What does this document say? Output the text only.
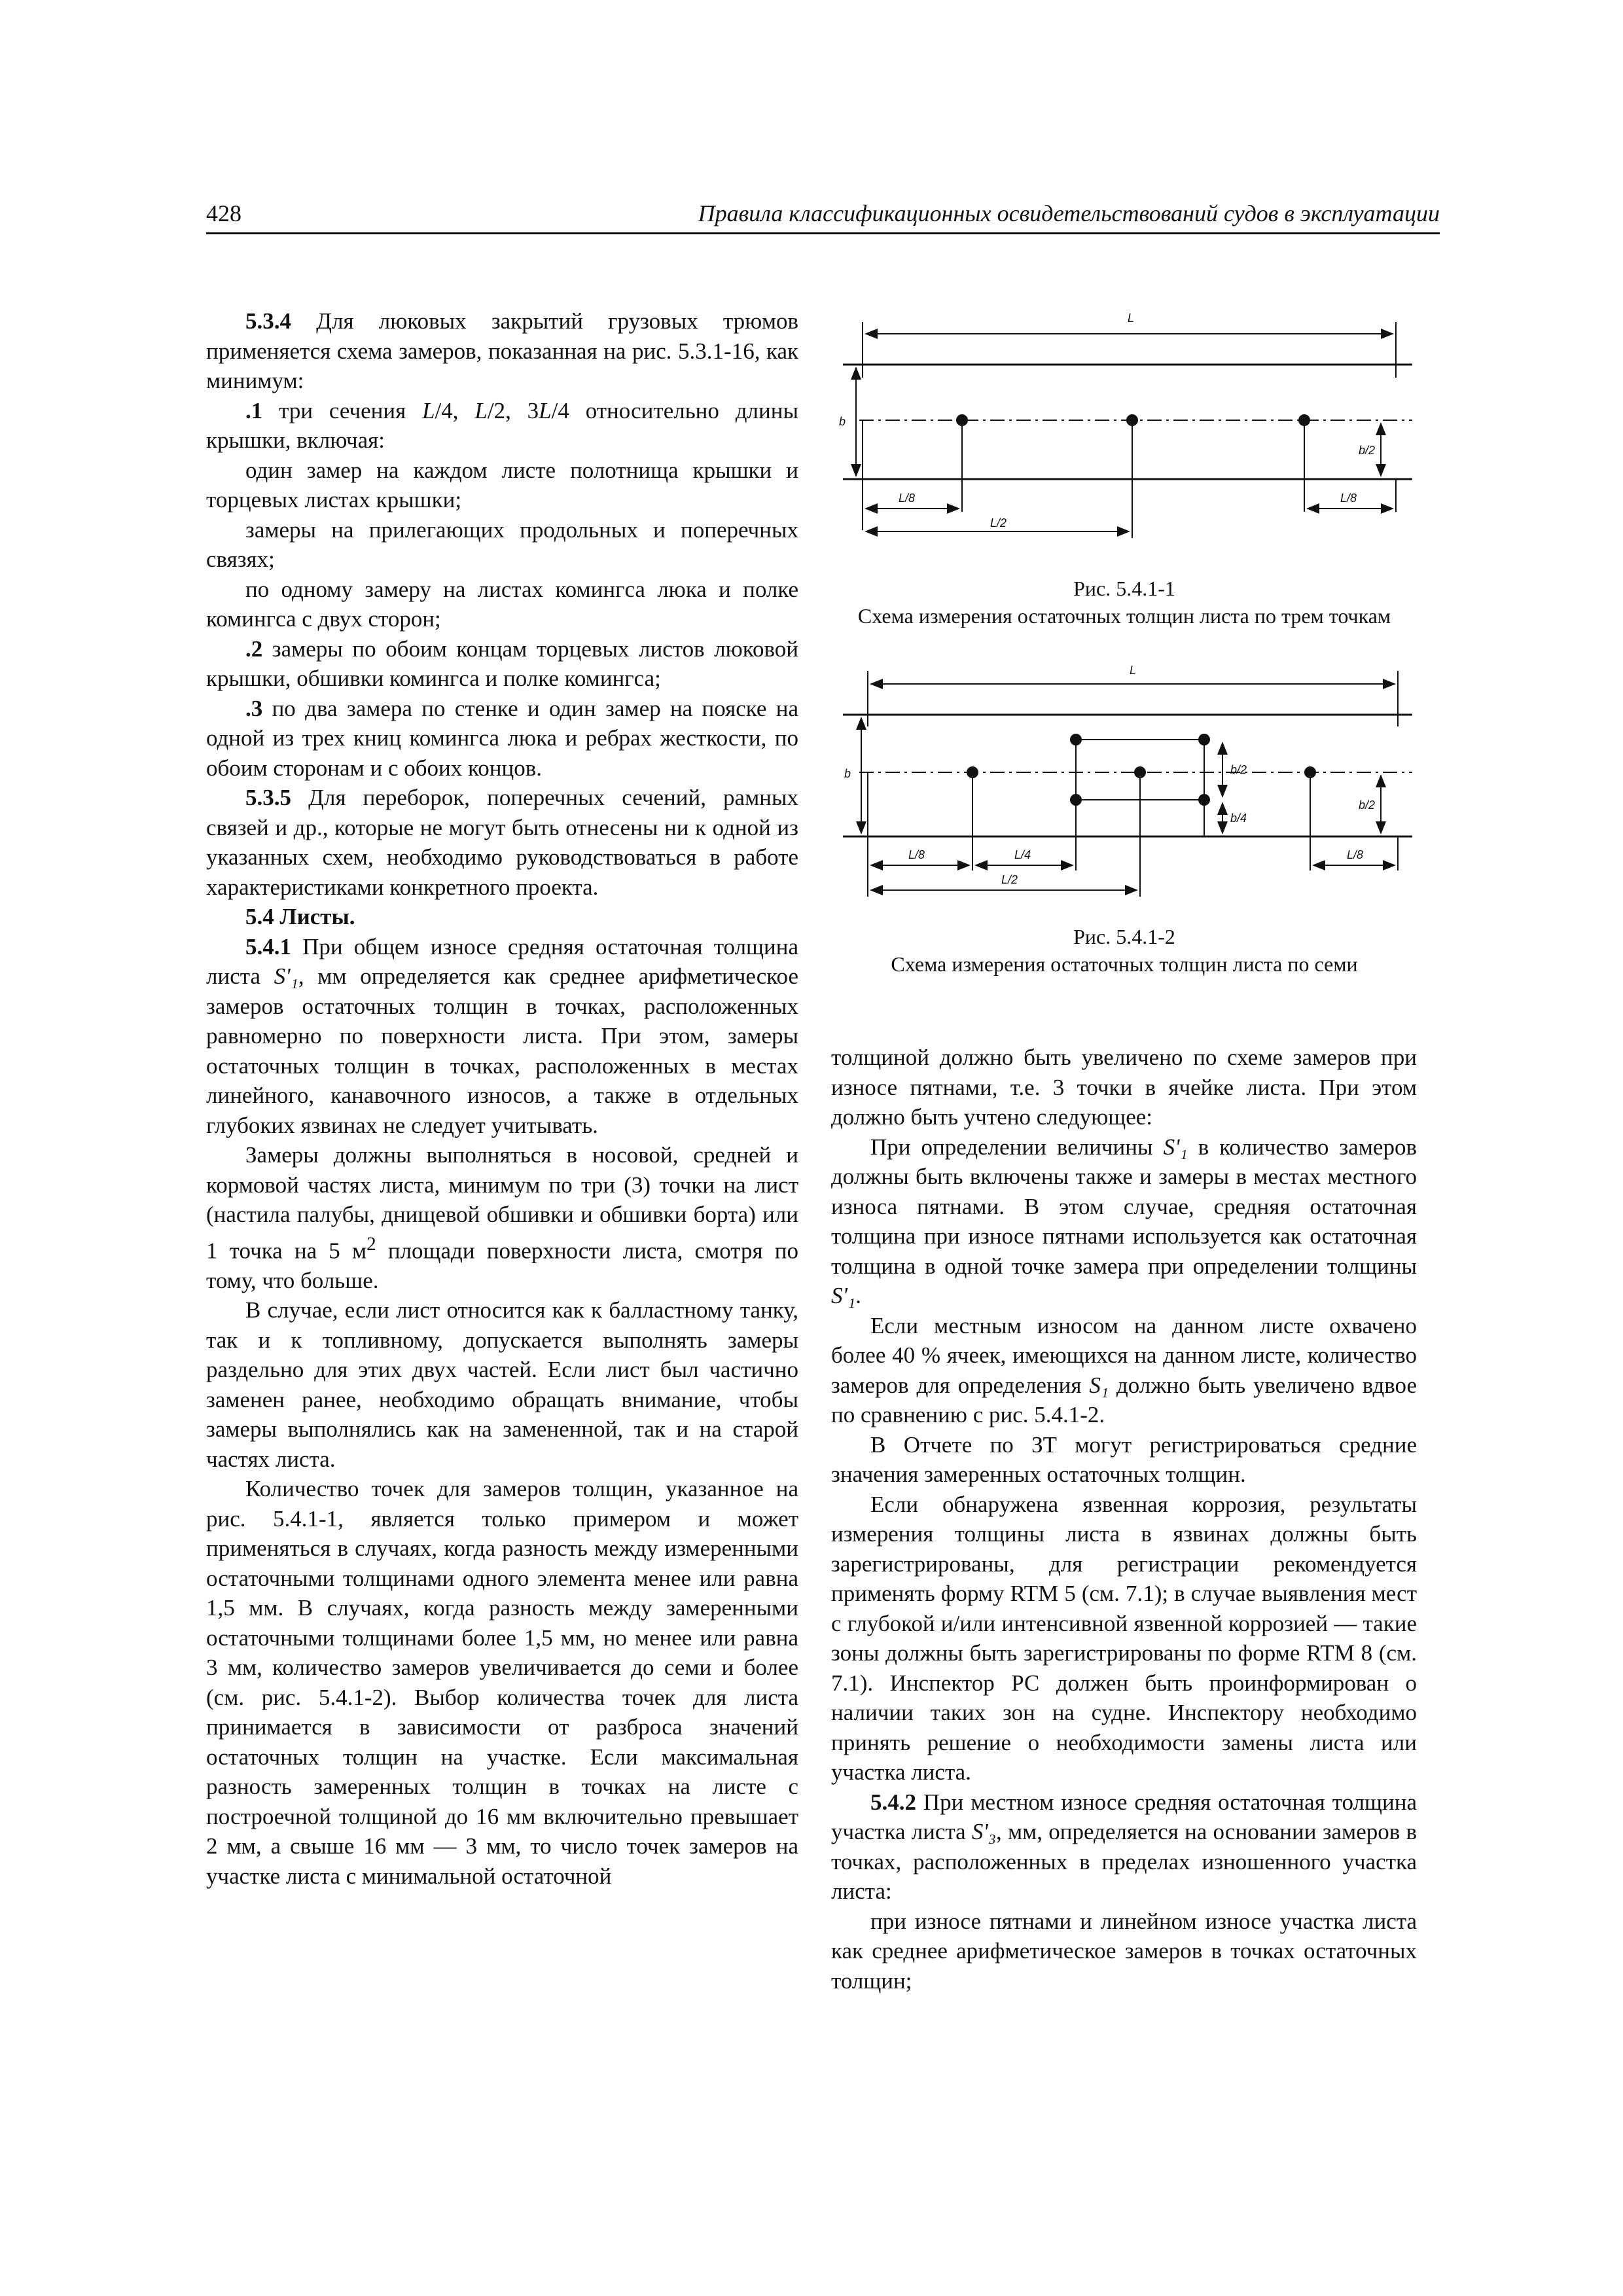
428	Правила классификационных освидетельствований судов в эксплуатации

5.3.4 Для люковых закрытий грузовых трюмов применяется схема замеров, показанная на рис. 5.3.1-16, как минимум:

.1 три сечения L/4, L/2, 3L/4 относительно длины крышки, включая:

один замер на каждом листе полотнища крышки и торцевых листах крышки;

замеры на прилегающих продольных и поперечных связях;

по одному замеру на листах комингса люка и полке комингса с двух сторон;

.2 замеры по обоим концам торцевых листов люковой крышки, обшивки комингса и полке комингса;

.3 по два замера по стенке и один замер на пояске на одной из трех книц комингса люка и ребрах жесткости, по обоим сторонам и с обоих концов.

5.3.5 Для переборок, поперечных сечений, рамных связей и др., которые не могут быть отнесены ни к одной из указанных схем, необходимо руководствоваться в работе характеристиками конкретного проекта.

5.4 Листы.

5.4.1 При общем износе средняя остаточная толщина листа S'₁, мм определяется как среднее арифметическое замеров остаточных толщин в точках, расположенных равномерно по поверхности листа. При этом, замеры остаточных толщин в точках, расположенных в местах линейного, канавочного износов, а также в отдельных глубоких язвинах не следует учитывать.

Замеры должны выполняться в носовой, средней и кормовой частях листа, минимум по три (3) точки на лист (настила палубы, днищевой обшивки и обшивки борта) или 1 точка на 5 $м^2$ площади поверхности листа, смотря по тому, что больше.

В случае, если лист относится как к балластному танку, так и к топливному, допускается выполнять замеры раздельно для этих двух частей. Если лист был частично заменен ранее, необходимо обращать внимание, чтобы замеры выполнялись как на замененной, так и на старой частях листа.

Количество точек для замеров толщин, указанное на рис. 5.4.1-1, является только примером и может применяться в случаях, когда разность между измеренными остаточными толщинами одного элемента менее или равна 1,5 мм. В случаях, когда разность между замеренными остаточными толщинами более 1,5 мм, но менее или равна 3 мм, количество замеров увеличивается до семи и более (см. рис. 5.4.1-2). Выбор количества точек для листа принимается в зависимости от разброса значений остаточных толщин на участке. Если максимальная разность замеренных толщин в точках на листе с построечной толщиной до 16 мм включительно превышает 2 мм, а свыше 16 мм — 3 мм, то число точек замеров на участке листа с минимальной остаточной

L
b
L/8
L/2
L/8
b/2
Рис. 5.4.1-1
Схема измерения остаточных толщин листа по трем точкам
L
b
L/8	L/4
L/2
L/8
b/2
b/4
b/2
Рис. 5.4.1-2
Схема измерения остаточных толщин листа по семи

толщиной должно быть увеличено по схеме замеров при износе пятнами, т.е. 3 точки в ячейке листа. При этом должно быть учтено следующее:

При определении величины S'₁ в количество замеров должны быть включены также и замеры в местах местного износа пятнами. В этом случае, средняя остаточная толщина при износе пятнами используется как остаточная толщина в одной точке замера при определении толщины S'₁.

Если местным износом на данном листе охвачено более 40 % ячеек, имеющихся на данном листе, количество замеров для определения S₁ должно быть увеличено вдвое по сравнению с рис. 5.4.1-2.

В Отчете по ЗТ могут регистрироваться средние значения замеренных остаточных толщин.

Если обнаружена язвенная коррозия, результаты измерения толщины листа в язвинах должны быть зарегистрированы, для регистрации рекомендуется применять форму RTM 5 (см. 7.1); в случае выявления мест с глубокой и/или интенсивной язвенной коррозией — такие зоны должны быть зарегистрированы по форме RTM 8 (см. 7.1). Инспектор РС должен быть проинформирован о наличии таких зон на судне. Инспектору необходимо принять решение о необходимости замены листа или участка листа.

5.4.2 При местном износе средняя остаточная толщина участка листа S'₃, мм, определяется на основании замеров в точках, расположенных в пределах изношенного участка листа:

при износе пятнами и линейном износе участка листа как среднее арифметическое замеров в точках остаточных толщин;
